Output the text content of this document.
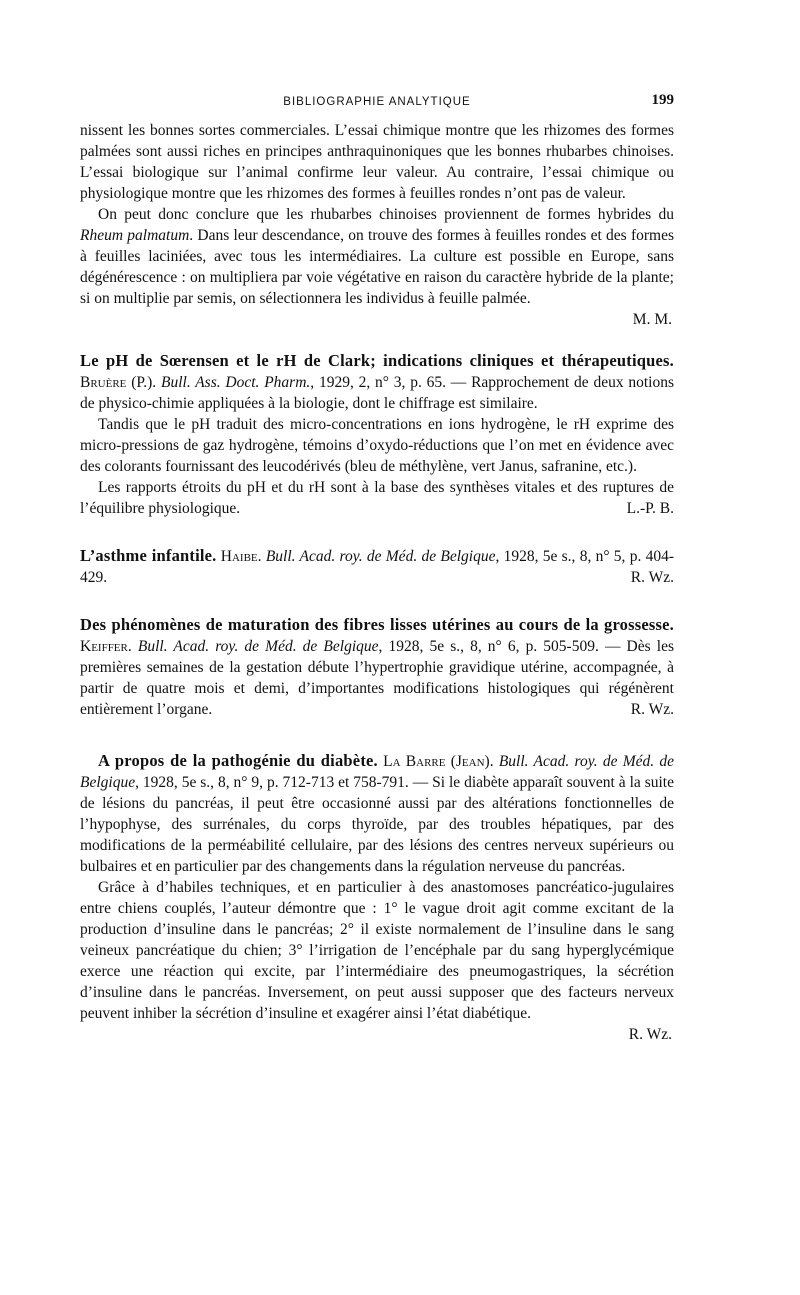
BIBLIOGRAPHIE ANALYTIQUE	199

nissent les bonnes sortes commerciales. L’essai chimique montre que les rhizomes des formes palmées sont aussi riches en principes anthraquinoniques que les bonnes rhubarbes chinoises. L’essai biologique sur l’animal confirme leur valeur. Au contraire, l’essai chimique ou physiologique montre que les rhizomes des formes à feuilles rondes n’ont pas de valeur.

On peut donc conclure que les rhubarbes chinoises proviennent de formes hybrides du Rheum palmatum. Dans leur descendance, on trouve des formes à feuilles rondes et des formes à feuilles laciniées, avec tous les intermédiaires. La culture est possible en Europe, sans dégénérescence : on multipliera par voie végétative en raison du caractère hybride de la plante; si on multiplie par semis, on sélectionnera les individus à feuille palmée.

M. M.

Le pH de Sœrensen et le rH de Clark; indications cliniques et thérapeutiques. Bruère (P.). Bull. Ass. Doct. Pharm., 1929, 2, n° 3, p. 65. — Rapprochement de deux notions de physico-chimie appliquées à la biologie, dont le chiffrage est similaire.

Tandis que le pH traduit des micro-concentrations en ions hydrogène, le rH exprime des micro-pressions de gaz hydrogène, témoins d’oxydo-réductions que l’on met en évidence avec des colorants fournissant des leucodérivés (bleu de méthylène, vert Janus, safranine, etc.).

Les rapports étroits du pH et du rH sont à la base des synthèses vitales et des ruptures de l’équilibre physiologique.	L.-P. B.

L’asthme infantile. Haibe. Bull. Acad. roy. de Méd. de Belgique, 1928, 5e s., 8, n° 5, p. 404-429.	R. Wz.

Des phénomènes de maturation des fibres lisses utérines au cours de la grossesse. Keiffer. Bull. Acad. roy. de Méd. de Belgique, 1928, 5e s., 8, n° 6, p. 505-509. — Dès les premières semaines de la gestation débute l’hypertrophie gravidique utérine, accompagnée, à partir de quatre mois et demi, d’importantes modifications histologiques qui régénèrent entièrement l’organe.	R. Wz.

A propos de la pathogénie du diabète. La Barre (Jean). Bull. Acad. roy. de Méd. de Belgique, 1928, 5e s., 8, n° 9, p. 712-713 et 758-791. — Si le diabète apparaît souvent à la suite de lésions du pancréas, il peut être occasionné aussi par des altérations fonctionnelles de l’hypophyse, des surrénales, du corps thyroïde, par des troubles hépatiques, par des modifications de la perméabilité cellulaire, par des lésions des centres nerveux supérieurs ou bulbaires et en particulier par des changements dans la régulation nerveuse du pancréas.

Grâce à d’habiles techniques, et en particulier à des anastomoses pancréatico-jugulaires entre chiens couplés, l’auteur démontre que : 1° le vague droit agit comme excitant de la production d’insuline dans le pancréas; 2° il existe normalement de l’insuline dans le sang veineux pancréatique du chien; 3° l’irrigation de l’encéphale par du sang hyperglycémique exerce une réaction qui excite, par l’intermédiaire des pneumogastriques, la sécrétion d’insuline dans le pancréas. Inversement, on peut aussi supposer que des facteurs nerveux peuvent inhiber la sécrétion d’insuline et exagérer ainsi l’état diabétique.

R. Wz.
